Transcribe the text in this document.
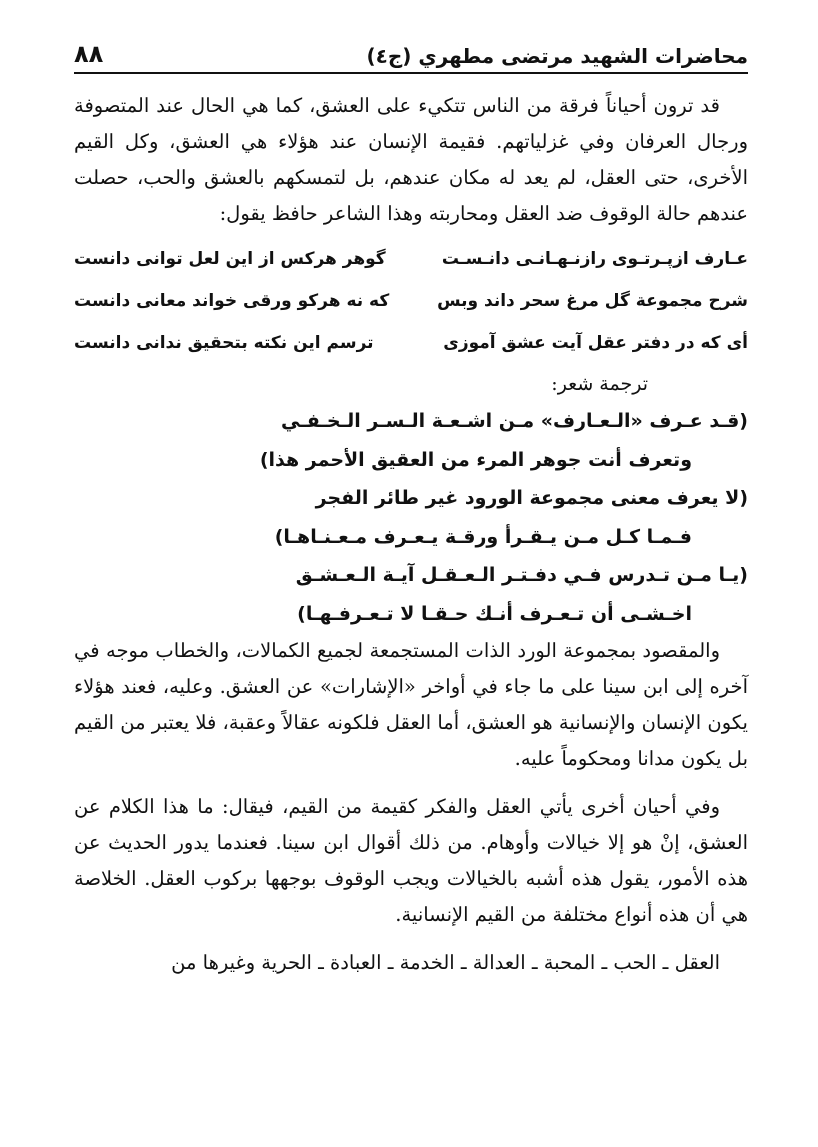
محاضرات الشهيد مرتضى مطهري (ج٤)
٨٨

قد ترون أحياناً فرقة من الناس تتكيء على العشق، كما هي الحال عند المتصوفة ورجال العرفان وفي غزلياتهم. فقيمة الإنسان عند هؤلاء هي العشق، وكل القيم الأخرى، حتى العقل، لم يعد له مكان عندهم، بل لتمسكهم بالعشق والحب، حصلت عندهم حالة الوقوف ضد العقل ومحاربته وهذا الشاعر حافظ يقول:

عـارف ازپـرتـوى رازنـهـانـى دانـسـت
گوهر هركس از اين لعل توانى دانست
شرح مجموعة گل مرغ سحر داند وبس
كه نه هركو ورقى خواند معانى دانست
أى كه در دفتر عقل آيت عشق آموزى
ترسم اين نكته بتحقيق ندانى دانست
ترجمة شعر:
(قـد عـرف «الـعـارف» مـن اشـعـة الـسـر الـخـفـي
وتعرف أنت جوهر المرء من العقيق الأحمر هذا)
(لا يعرف معنى مجموعة الورود غير طائر الفجر
فـمـا كـل مـن يـقـرأ ورقـة يـعـرف مـعـنـاهـا)
(يـا مـن تـدرس فـي دفـتـر الـعـقـل آيـة الـعـشـق
اخـشـى أن تـعـرف أنـك حـقـا لا تـعـرفـهـا)

والمقصود بمجموعة الورد الذات المستجمعة لجميع الكمالات، والخطاب موجه في آخره إلى ابن سينا على ما جاء في أواخر «الإشارات» عن العشق. وعليه، فعند هؤلاء يكون الإنسان والإنسانية هو العشق، أما العقل فلكونه عقالاً وعقبة، فلا يعتبر من القيم بل يكون مدانا ومحكوماً عليه.

وفي أحيان أخرى يأتي العقل والفكر كقيمة من القيم، فيقال: ما هذا الكلام عن العشق، إنْ هو إلا خيالات وأوهام. من ذلك أقوال ابن سينا. فعندما يدور الحديث عن هذه الأمور، يقول هذه أشبه بالخيالات ويجب الوقوف بوجهها بركوب العقل. الخلاصة هي أن هذه أنواع مختلفة من القيم الإنسانية.

العقل ـ الحب ـ المحبة ـ العدالة ـ الخدمة ـ العبادة ـ الحرية وغيرها من
